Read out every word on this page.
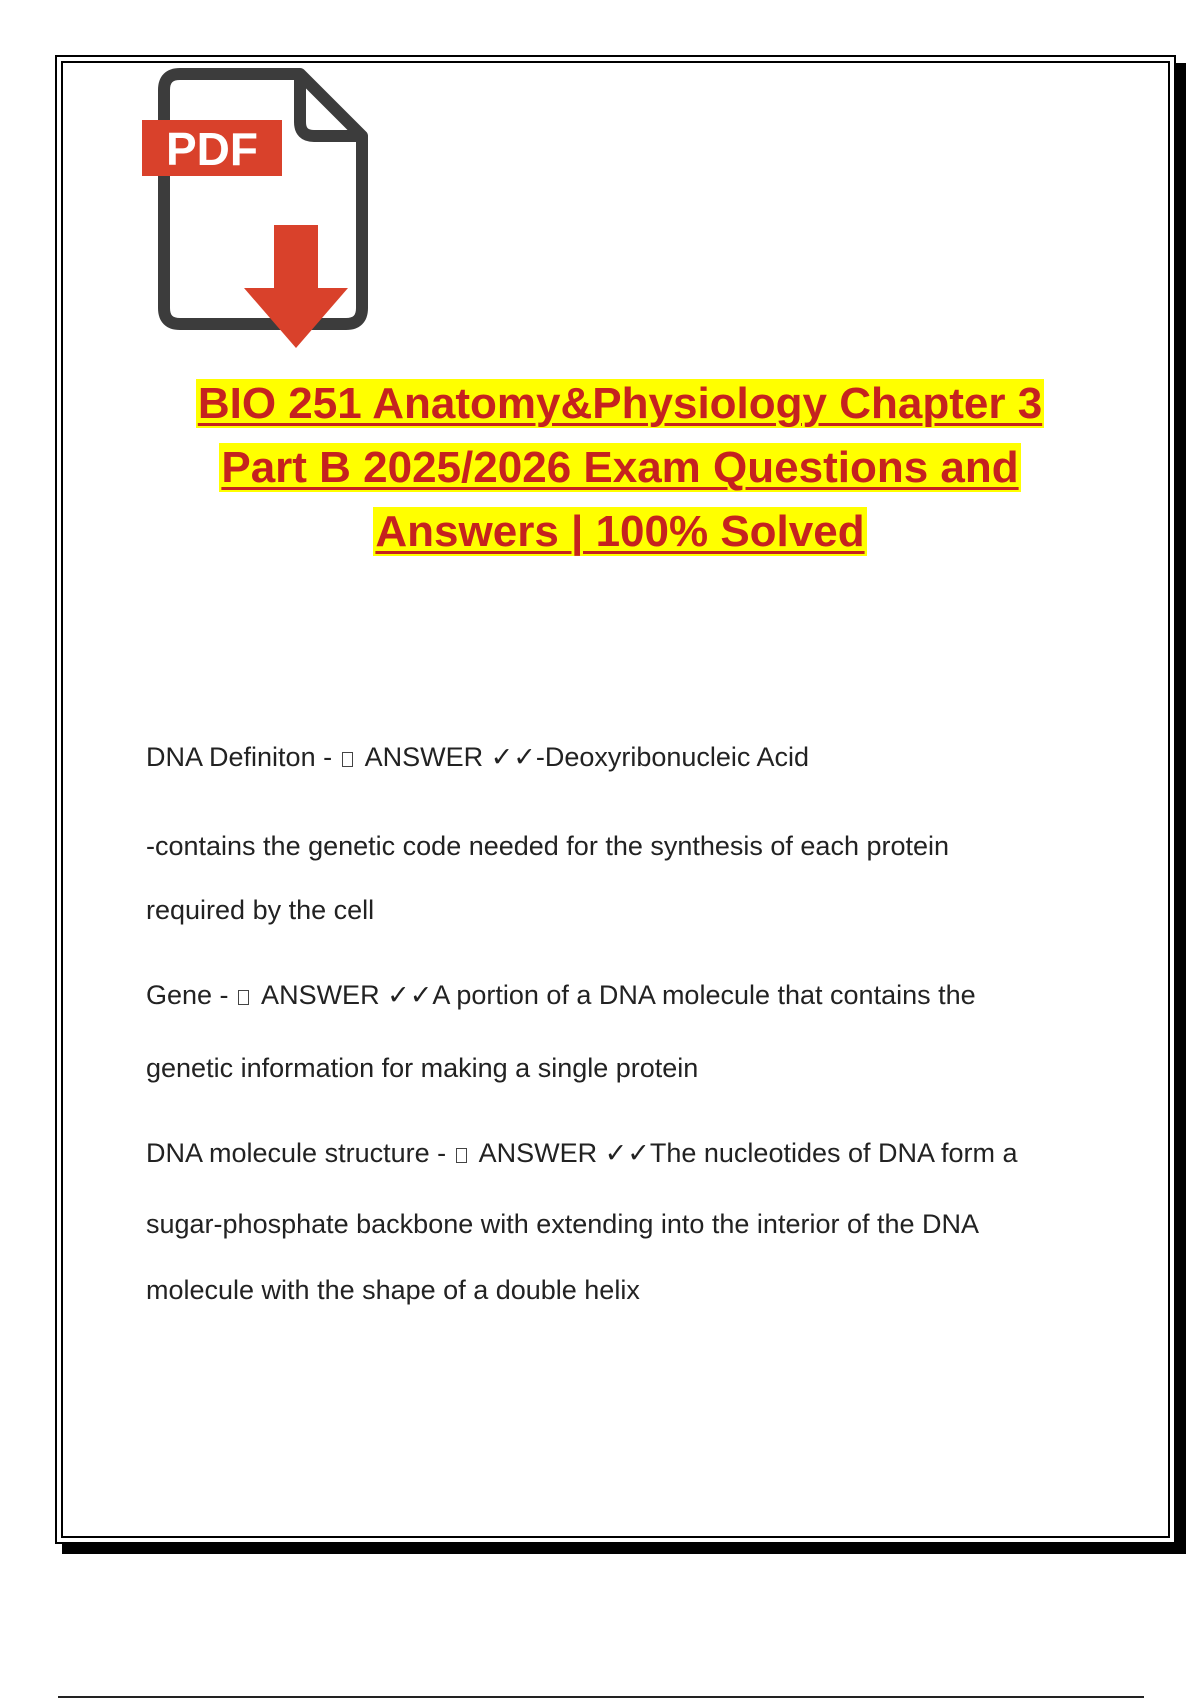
PDF
BIO 251 Anatomy&Physiology Chapter 3
Part B 2025/2026 Exam Questions and
Answers | 100% Solved
DNA Definiton -  ANSWER ✓✓-Deoxyribonucleic Acid
-contains the genetic code needed for the synthesis of each protein
required by the cell
Gene -  ANSWER ✓✓A portion of a DNA molecule that contains the
genetic information for making a single protein
DNA molecule structure -  ANSWER ✓✓The nucleotides of DNA form a
sugar-phosphate backbone with extending into the interior of the DNA
molecule with the shape of a double helix
